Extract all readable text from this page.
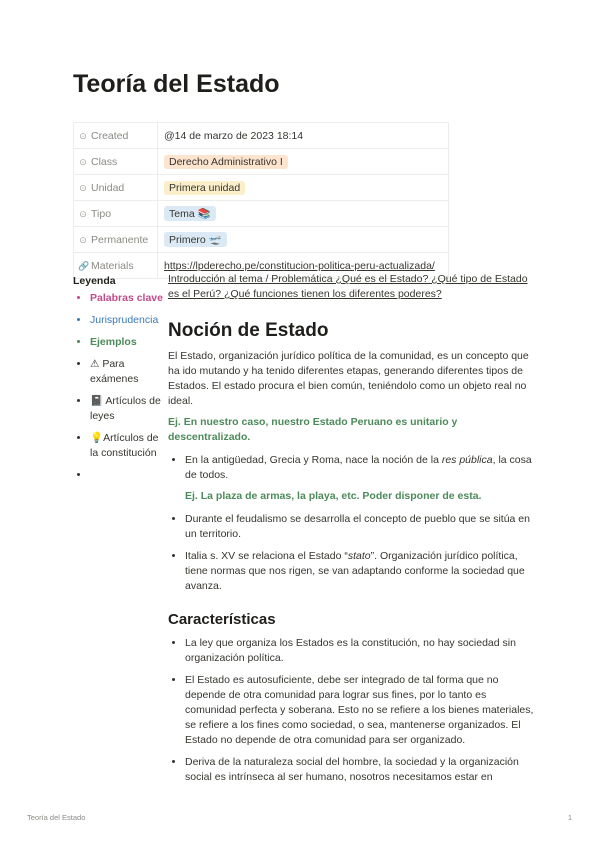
Teoría del Estado
⊙ Created	@14 de marzo de 2023 18:14
⊙ Class	Derecho Administrativo I
⊙ Unidad	Primera unidad
⊙ Tipo	Tema 📚
⊙ Permanente	Primero 🛫
🔗 Materials	https://lpderecho.pe/constitucion-politica-peru-actualizada/
Leyenda
• Palabras clave
• Jurisprudencia
• Ejemplos
• ⚠ Para exámenes
• 📓 Artículos de leyes
• 💡Artículos de la constitución
•

Introducción al tema / Problemática ¿Qué es el Estado? ¿Qué tipo de Estado es el Perú? ¿Qué funciones tienen los diferentes poderes?

Noción de Estado

El Estado, organización jurídico política de la comunidad, es un concepto que ha ido mutando y ha tenido diferentes etapas, generando diferentes tipos de Estados. El estado procura el bien común, teniéndolo como un objeto real no ideal.

Ej. En nuestro caso, nuestro Estado Peruano es unitario y descentralizado.

• En la antigüedad, Grecia y Roma, nace la noción de la res pública, la cosa de todos.

Ej. La plaza de armas, la playa, etc. Poder disponer de esta.

• Durante el feudalismo se desarrolla el concepto de pueblo que se sitúa en un territorio.
• Italia s. XV se relaciona el Estado “stato”. Organización jurídico política, tiene normas que nos rigen, se van adaptando conforme la sociedad que avanza.
Características
• La ley que organiza los Estados es la constitución, no hay sociedad sin organización política.
• El Estado es autosuficiente, debe ser integrado de tal forma que no depende de otra comunidad para lograr sus fines, por lo tanto es comunidad perfecta y soberana. Esto no se refiere a los bienes materiales, se refiere a los fines como sociedad, o sea, mantenerse organizados. El Estado no depende de otra comunidad para ser organizado.
• Deriva de la naturaleza social del hombre, la sociedad y la organización social es intrínseca al ser humano, nosotros necesitamos estar en
Teoría del Estado	1
